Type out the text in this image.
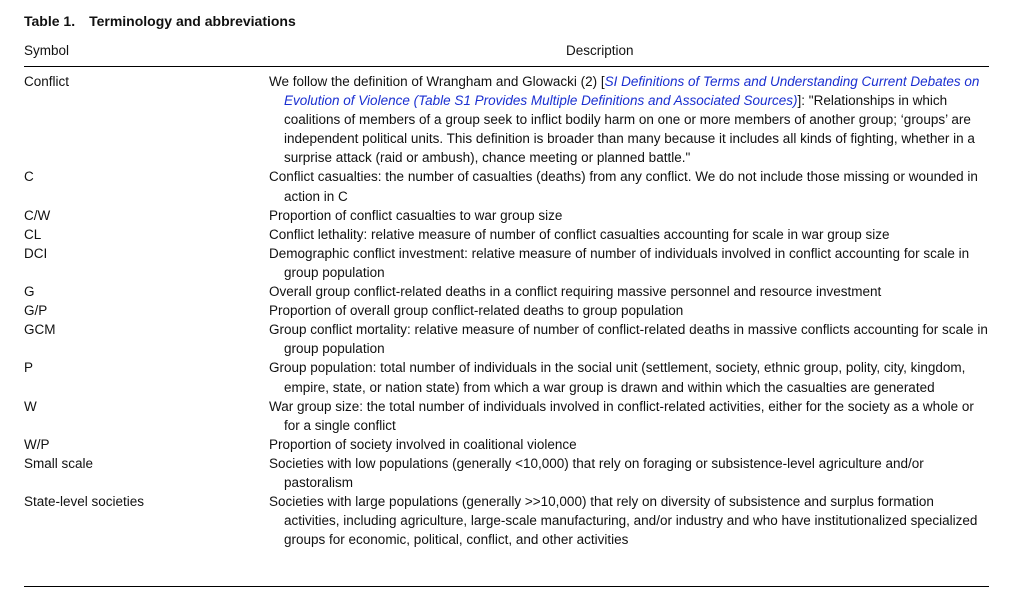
Table 1. Terminology and abbreviations
Symbol	Description
Conflict	We follow the definition of Wrangham and Glowacki (2) [SI Definitions of Terms and Understanding Current Debates on Evolution of Violence (Table S1 Provides Multiple Definitions and Associated Sources)]: "Relationships in which coalitions of members of a group seek to inflict bodily harm on one or more members of another group; ‘groups’ are independent political units. This definition is broader than many because it includes all kinds of fighting, whether in a surprise attack (raid or ambush), chance meeting or planned battle."
C	Conflict casualties: the number of casualties (deaths) from any conflict. We do not include those missing or wounded in action in C
C/W	Proportion of conflict casualties to war group size
CL	Conflict lethality: relative measure of number of conflict casualties accounting for scale in war group size
DCI	Demographic conflict investment: relative measure of number of individuals involved in conflict accounting for scale in group population
G	Overall group conflict-related deaths in a conflict requiring massive personnel and resource investment
G/P	Proportion of overall group conflict-related deaths to group population
GCM	Group conflict mortality: relative measure of number of conflict-related deaths in massive conflicts accounting for scale in group population
P	Group population: total number of individuals in the social unit (settlement, society, ethnic group, polity, city, kingdom, empire, state, or nation state) from which a war group is drawn and within which the casualties are generated
W	War group size: the total number of individuals involved in conflict-related activities, either for the society as a whole or for a single conflict
W/P	Proportion of society involved in coalitional violence
Small scale	Societies with low populations (generally <10,000) that rely on foraging or subsistence-level agriculture and/or pastoralism
State-level societies	Societies with large populations (generally >>10,000) that rely on diversity of subsistence and surplus formation activities, including agriculture, large-scale manufacturing, and/or industry and who have institutionalized specialized groups for economic, political, conflict, and other activities
